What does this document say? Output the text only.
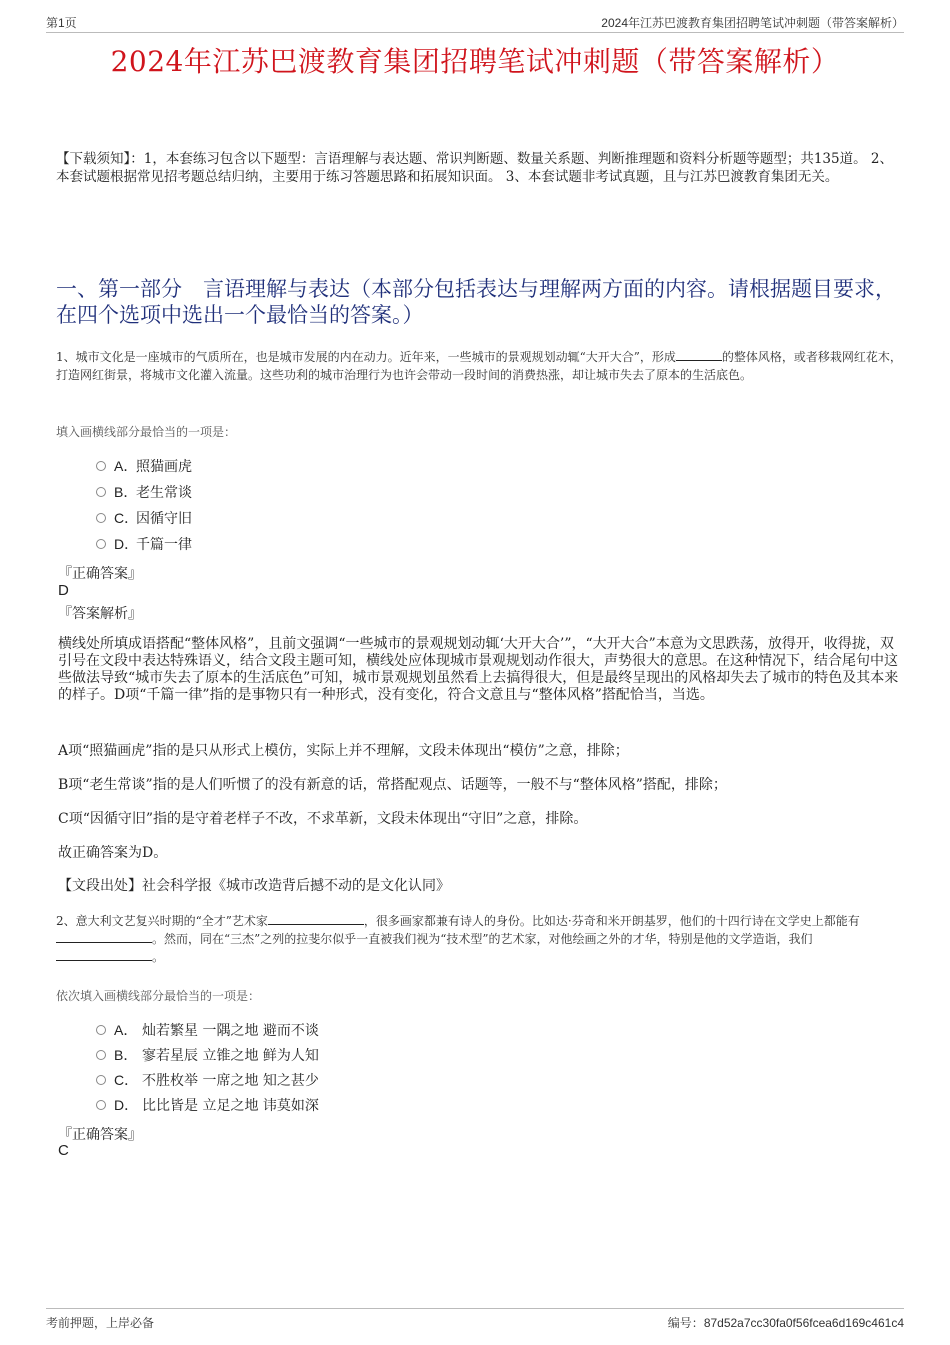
第1页	2024年江苏巴渡教育集团招聘笔试冲刺题（带答案解析）
2024年江苏巴渡教育集团招聘笔试冲刺题（带答案解析）
【下载须知】：1，本套练习包含以下题型：言语理解与表达题、常识判断题、数量关系题、判断推理题和资料分析题等题型；共135道。 2、本套试题根据常见招考题总结归纳，主要用于练习答题思路和拓展知识面。 3、本套试题非考试真题，且与江苏巴渡教育集团无关。
一、第一部分　言语理解与表达（本部分包括表达与理解两方面的内容。请根据题目要求，在四个选项中选出一个最恰当的答案。）
1、城市文化是一座城市的气质所在，也是城市发展的内在动力。近年来，一些城市的景观规划动辄“大开大合”，形成	的整体风格，或者移栽网红花木，打造网红街景，将城市文化灌入流量。这些功利的城市治理行为也许会带动一段时间的消费热涨，却让城市失去了原本的生活底色。
填入画横线部分最恰当的一项是：
A．照猫画虎
B．老生常谈
C．因循守旧
D．千篇一律
『正确答案』
D
『答案解析』
横线处所填成语搭配“整体风格”，且前文强调“一些城市的景观规划动辄‘大开大合’”，“大开大合”本意为文思跌荡，放得开，收得拢，双引号在文段中表达特殊语义，结合文段主题可知，横线处应体现城市景观规划动作很大，声势很大的意思。在这种情况下，结合尾句中这些做法导致“城市失去了原本的生活底色”可知，城市景观规划虽然看上去搞得很大，但是最终呈现出的风格却失去了城市的特色及其本来的样子。D项“千篇一律”指的是事物只有一种形式，没有变化，符合文意且与“整体风格”搭配恰当，当选。
A项“照猫画虎”指的是只从形式上模仿，实际上并不理解，文段未体现出“模仿”之意，排除；
B项“老生常谈”指的是人们听惯了的没有新意的话，常搭配观点、话题等，一般不与“整体风格”搭配，排除；
C项“因循守旧”指的是守着老样子不改，不求革新，文段未体现出“守旧”之意，排除。
故正确答案为D。
【文段出处】社会科学报《城市改造背后撼不动的是文化认同》
2、意大利文艺复兴时期的“全才”艺术家	，很多画家都兼有诗人的身份。比如达·芬奇和米开朗基罗，他们的十四行诗在文学史上都能有。然而，同在“三杰”之列的拉斐尔似乎一直被我们视为“技术型”的艺术家，对他绘画之外的才华，特别是他的文学造诣，我们。
依次填入画横线部分最恰当的一项是：
A． 灿若繁星 一隅之地 避而不谈
B． 寥若星辰 立锥之地 鲜为人知
C． 不胜枚举 一席之地 知之甚少
D． 比比皆是 立足之地 讳莫如深
『正确答案』
C
考前押题，上岸必备	编号：87d52a7cc30fa0f56fcea6d169c461c4
